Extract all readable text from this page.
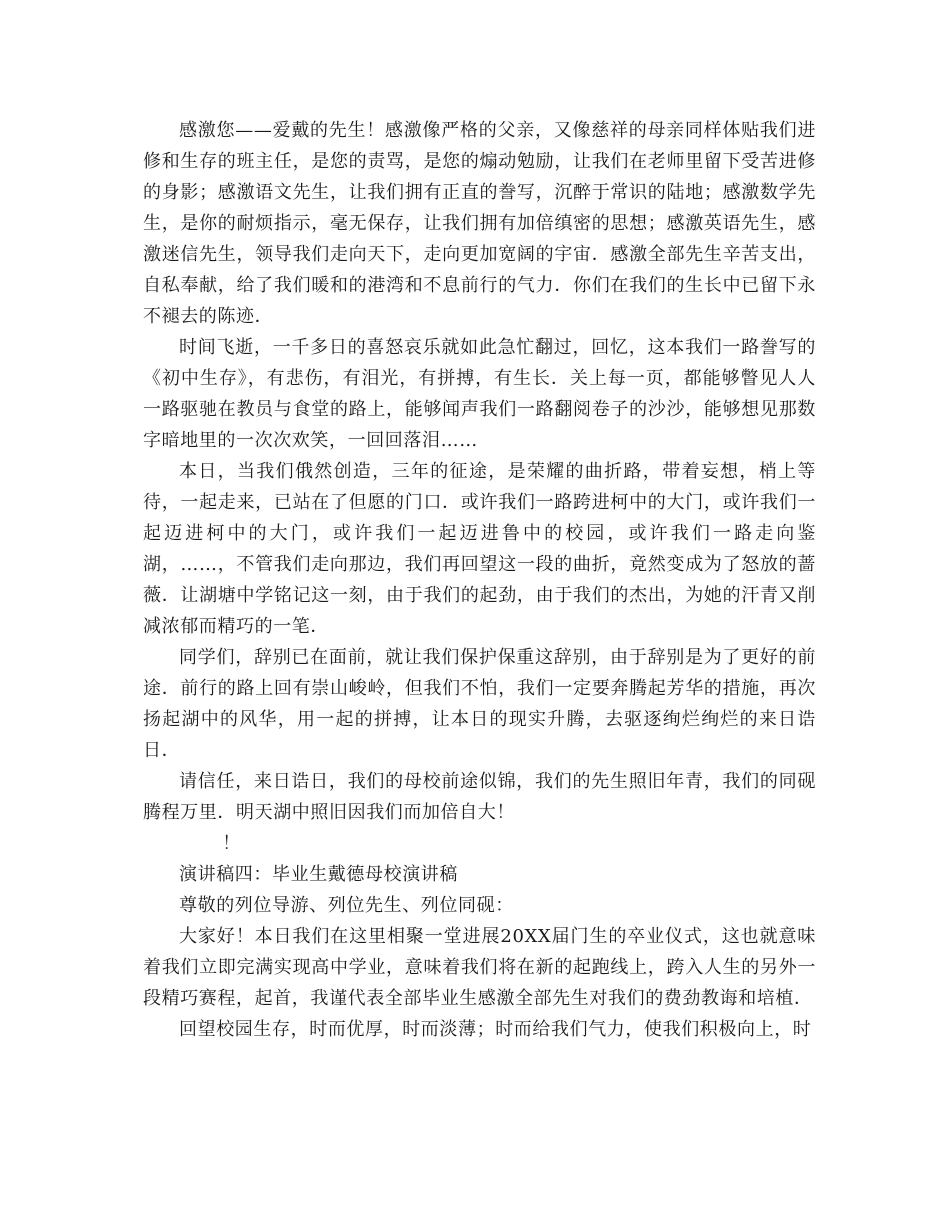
感激您——爱戴的先生！感激像严格的父亲，又像慈祥的母亲同样体贴我们进修和生存的班主任，是您的责骂，是您的煽动勉励，让我们在老师里留下受苦进修的身影；感激语文先生，让我们拥有正直的誊写，沉醉于常识的陆地；感激数学先生，是你的耐烦指示，毫无保存，让我们拥有加倍缜密的思想；感激英语先生，感激迷信先生，领导我们走向天下，走向更加宽阔的宇宙．感激全部先生辛苦支出，自私奉献，给了我们暖和的港湾和不息前行的气力．你们在我们的生长中已留下永不褪去的陈迹．

时间飞逝，一千多日的喜怒哀乐就如此急忙翻过，回忆，这本我们一路誊写的《初中生存》，有悲伤，有泪光，有拼搏，有生长．关上每一页，都能够瞥见人人一路驱驰在教员与食堂的路上，能够闻声我们一路翻阅卷子的沙沙，能够想见那数字暗地里的一次次欢笑，一回回落泪……

本日，当我们俄然创造，三年的征途，是荣耀的曲折路，带着妄想，梢上等待，一起走来，已站在了但愿的门口．或许我们一路跨进柯中的大门，或许我们一起迈进柯中的大门，或许我们一起迈进鲁中的校园，或许我们一路走向鉴湖，……，不管我们走向那边，我们再回望这一段的曲折，竟然变成为了怒放的蔷薇．让湖塘中学铭记这一刻，由于我们的起劲，由于我们的杰出，为她的汗青又削减浓郁而精巧的一笔．

同学们，辞别已在面前，就让我们保护保重这辞别，由于辞别是为了更好的前途．前行的路上回有崇山峻岭，但我们不怕，我们一定要奔腾起芳华的措施，再次扬起湖中的风华，用一起的拼搏，让本日的现实升腾，去驱逐绚烂绚烂的来日诰日．

请信任，来日诰日，我们的母校前途似锦，我们的先生照旧年青，我们的同砚腾程万里．明天湖中照旧因我们而加倍自大！

！

演讲稿四：毕业生戴德母校演讲稿

尊敬的列位导游、列位先生、列位同砚：

大家好！本日我们在这里相聚一堂进展20XX届门生的卒业仪式，这也就意味着我们立即完满实现高中学业，意味着我们将在新的起跑线上，跨入人生的另外一段精巧赛程，起首，我谨代表全部毕业生感激全部先生对我们的费劲教诲和培植．

回望校园生存，时而优厚，时而淡薄；时而给我们气力，使我们积极向上，时
